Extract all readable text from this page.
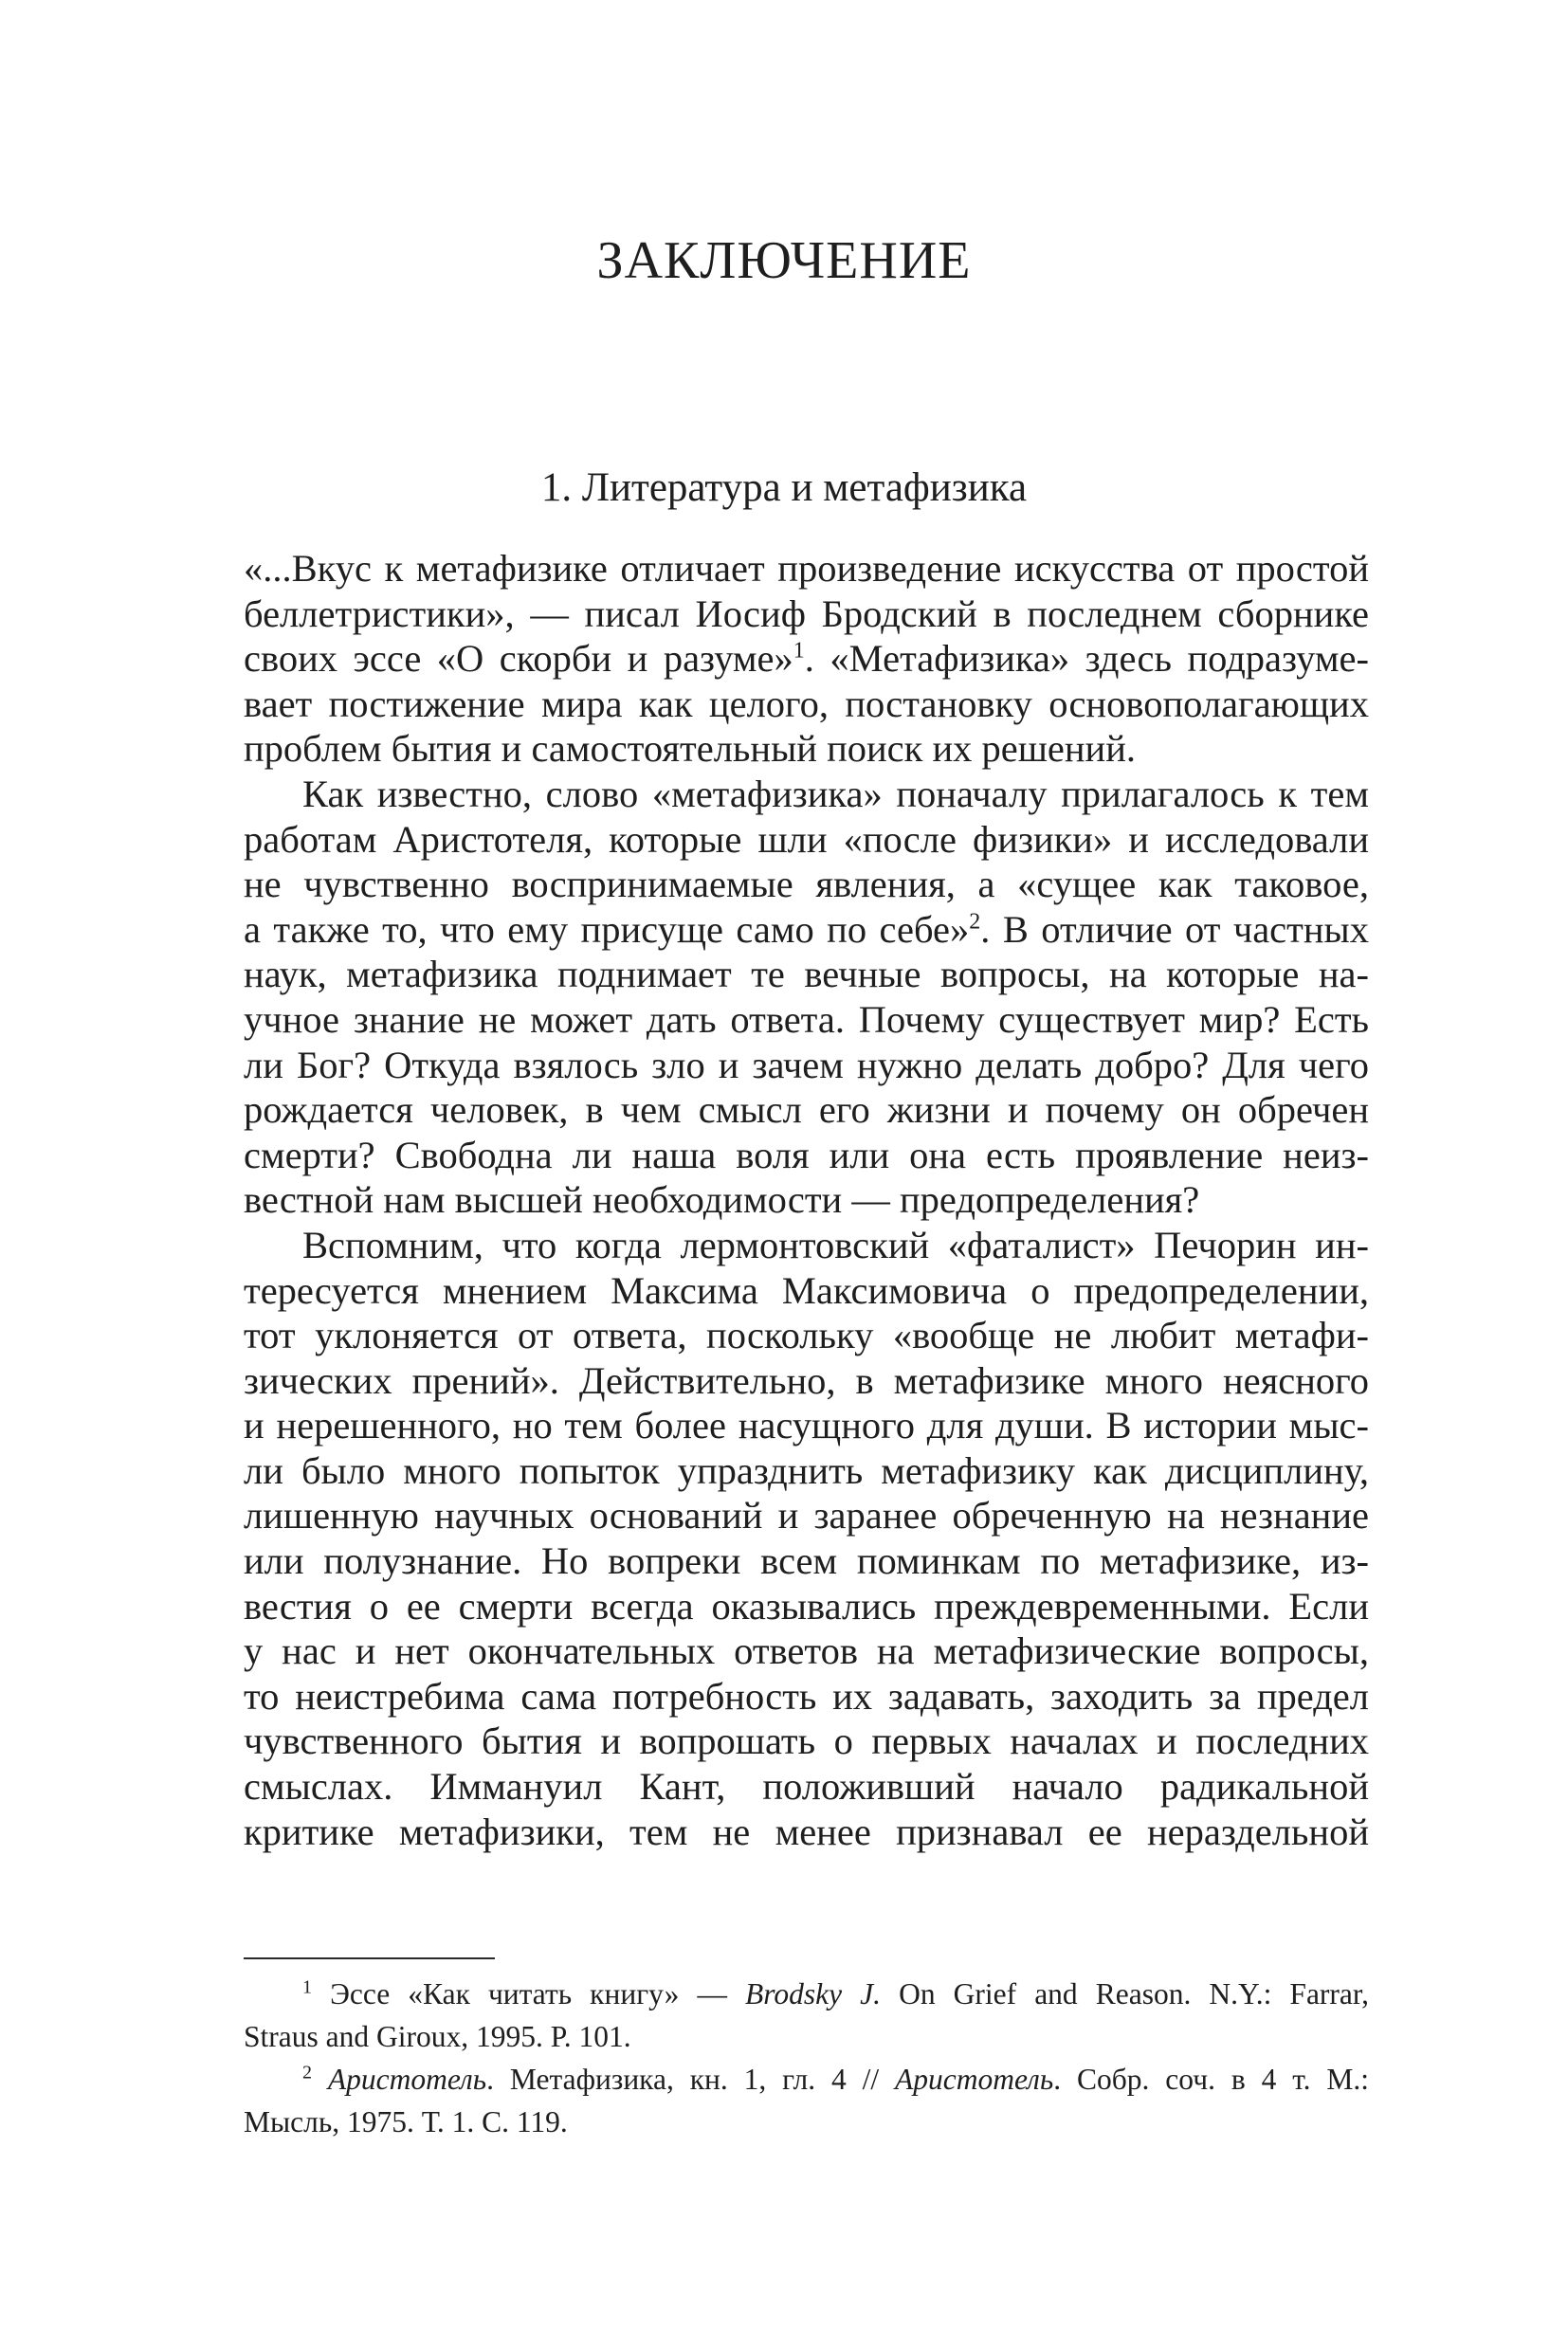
ЗАКЛЮЧЕНИЕ
1. Литература и метафизика

«...Вкус к метафизике отличает произведение искусства от простой
беллетристики», — писал Иосиф Бродский в последнем сборнике
своих эссе «О скорби и разуме»$^1$. «Метафизика» здесь подразуме-
вает постижение мира как целого, постановку основополагающих
проблем бытия и самостоятельный поиск их решений.

Как известно, слово «метафизика» поначалу прилагалось к тем
работам Аристотеля, которые шли «после физики» и исследовали
не чувственно воспринимаемые явления, а «сущее как таковое,
а также то, что ему присуще само по себе»$^2$. В отличие от частных
наук, метафизика поднимает те вечные вопросы, на которые на-
учное знание не может дать ответа. Почему существует мир? Есть
ли Бог? Откуда взялось зло и зачем нужно делать добро? Для чего
рождается человек, в чем смысл его жизни и почему он обречен
смерти? Свободна ли наша воля или она есть проявление неиз-
вестной нам высшей необходимости — предопределения?

Вспомним, что когда лермонтовский «фаталист» Печорин ин-
тересуется мнением Максима Максимовича о предопределении,
тот уклоняется от ответа, поскольку «вообще не любит метафи-
зических прений». Действительно, в метафизике много неясного
и нерешенного, но тем более насущного для души. В истории мыс-
ли было много попыток упразднить метафизику как дисциплину,
лишенную научных оснований и заранее обреченную на незнание
или полузнание. Но вопреки всем поминкам по метафизике, из-
вестия о ее смерти всегда оказывались преждевременными. Если
у нас и нет окончательных ответов на метафизические вопросы,
то неистребима сама потребность их задавать, заходить за предел
чувственного бытия и вопрошать о первых началах и последних
смыслах. Иммануил Кант, положивший начало радикальной
критике метафизики, тем не менее признавал ее нераздельной

$^1$ Эссе «Как читать книгу» — Brodsky J. On Grief and Reason. N.Y.: Farrar,
Straus and Giroux, 1995. P. 101.

$^2$ Аристотель. Метафизика, кн. 1, гл. 4 // Аристотель. Собр. соч. в 4 т. М.:
Мысль, 1975. Т. 1. С. 119.
